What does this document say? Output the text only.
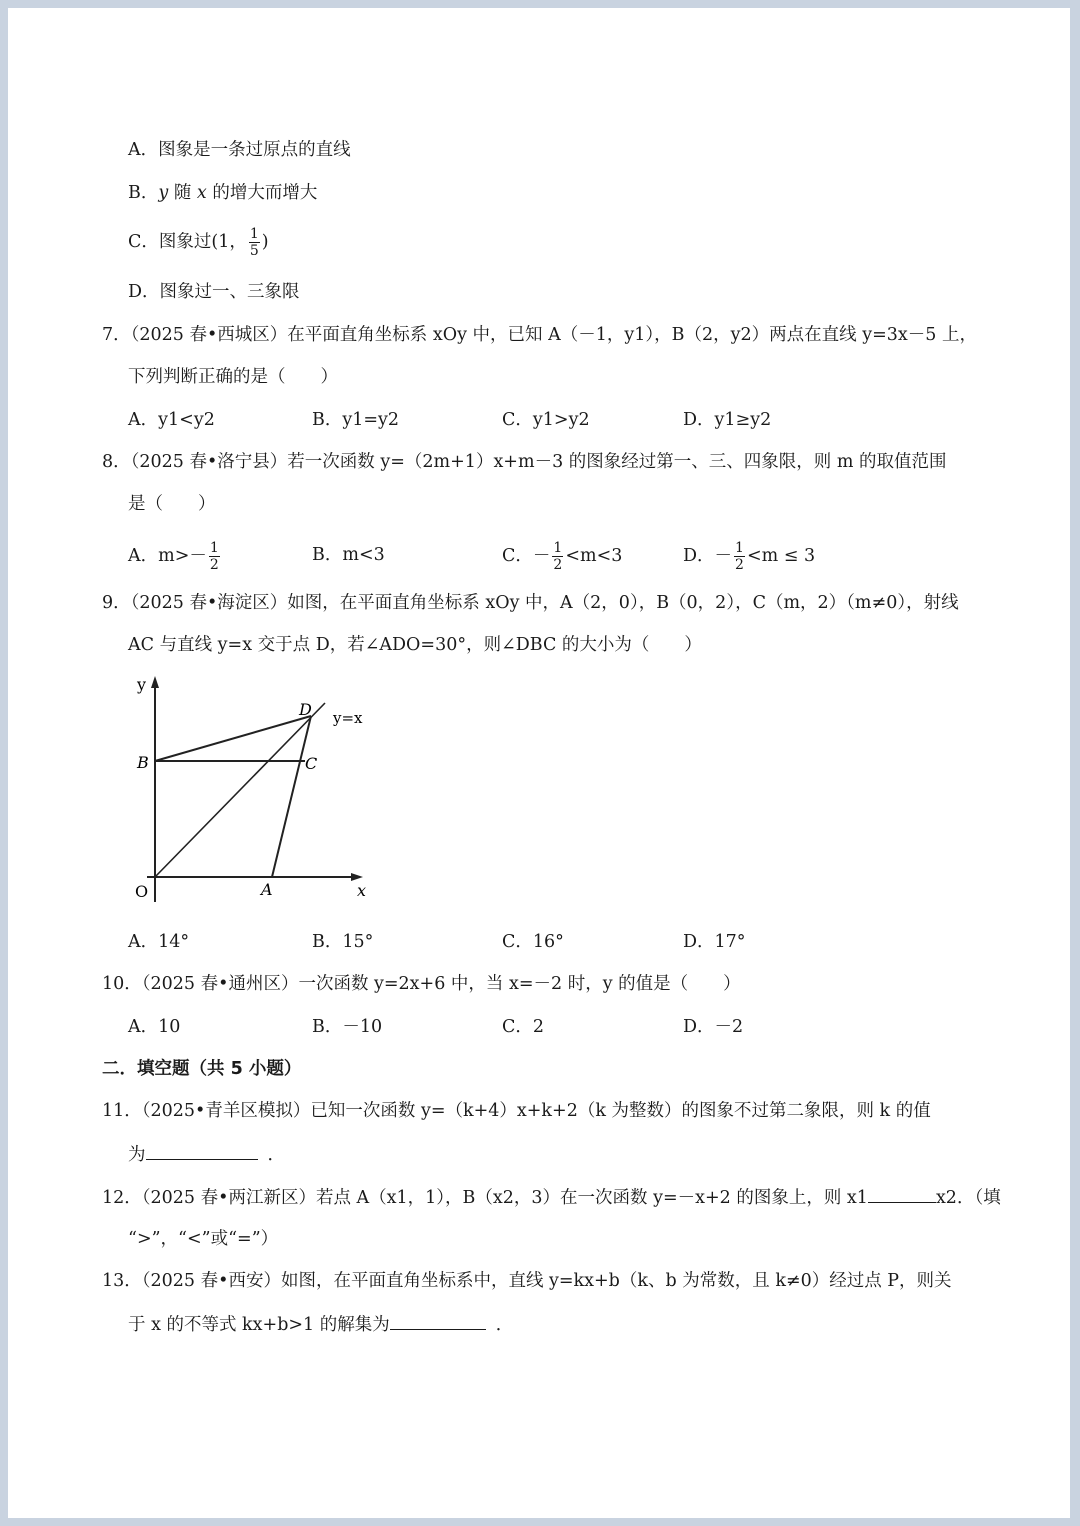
A．图象是一条过原点的直线
B．y 随 x 的增大而增大
C．图象过(1， $\frac{1}{5}$ )
D．图象过一、三象限
7．（2025 春•西城区）在平面直角坐标系 xOy 中，已知 A（－1，y1），B（2，y2）两点在直线 y=3x－5 上，
下列判断正确的是（　　）
A．y1<y2	B．y1=y2	C．y1>y2	D．y1≥y2
8．（2025 春•洛宁县）若一次函数 y=（2m+1）x+m－3 的图象经过第一、三、四象限，则 m 的取值范围
是（　　）
A．$m>- \frac{1}{2}$	B．m<3	C．－ $\frac{1}{2} <m<3$	D．－ $\frac{1}{2} <m \le 3$
9．（2025 春•海淀区）如图，在平面直角坐标系 xOy 中，A（2，0），B（0，2），C（m，2）（m≠0），射线
AC 与直线 y=x 交于点 D，若∠ADO=30°，则∠DBC 的大小为（　　）
y
x
O	A
B	C
D y=x
A．14°	B．15°	C．16°	D．17°
10．（2025 春•通州区）一次函数 y=2x+6 中，当 x=－2 时，y 的值是（　　）
A．10	B．－10	C．2	D．－2
二．填空题（共 5 小题）
11．（2025•青羊区模拟）已知一次函数 y=（k+4）x+k+2（k 为整数）的图象不过第二象限，则 k 的值
为	．
12．（2025 春•两江新区）若点 A（x1，1），B（x2，3）在一次函数 y=－x+2 的图象上，则 x1	x2．（填
“>”，“<”或“=”）
13．（2025 春•西安）如图，在平面直角坐标系中，直线 y=kx+b（k、b 为常数，且 k≠0）经过点 P，则关
于 x 的不等式 kx+b>1 的解集为	．
